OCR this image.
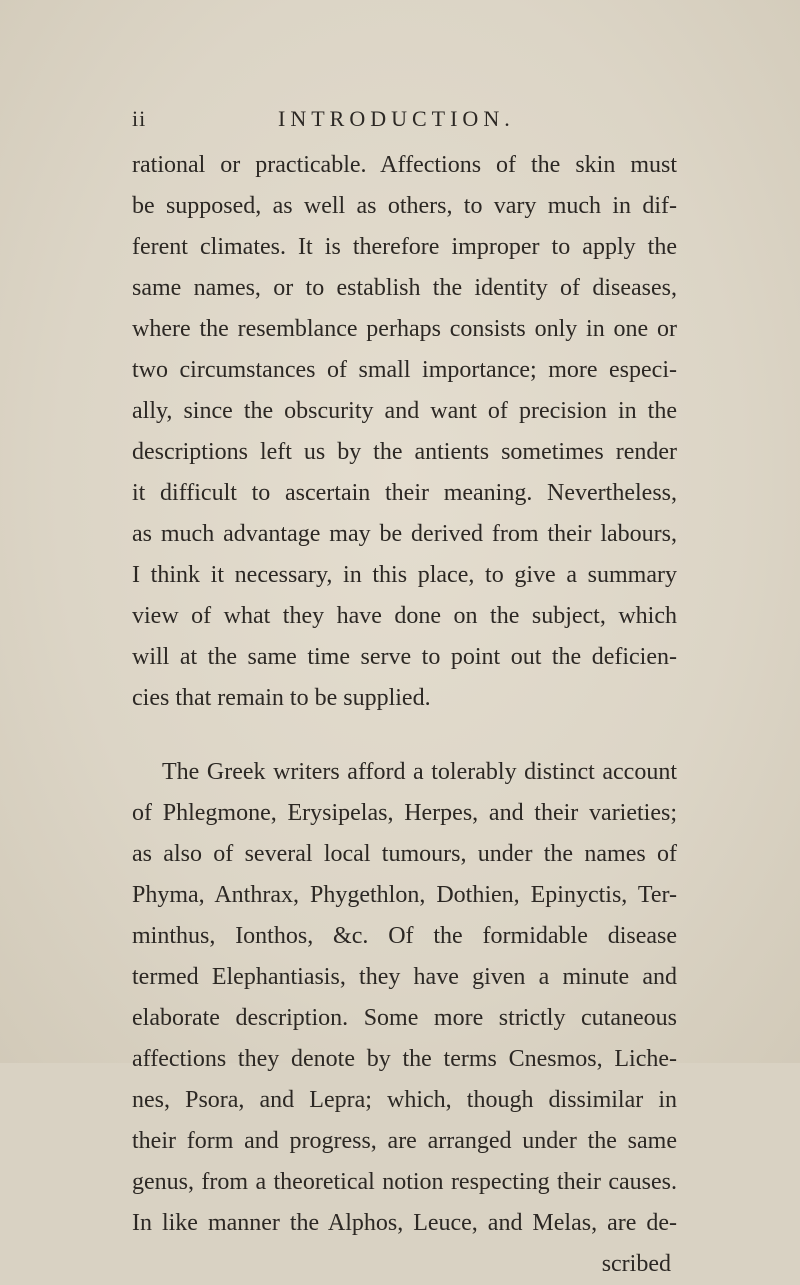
ii	INTRODUCTION.
rational or practicable. Affections of the skin must
be supposed, as well as others, to vary much in dif-
ferent climates. It is therefore improper to apply the
same names, or to establish the identity of diseases,
where the resemblance perhaps consists only in one or
two circumstances of small importance; more especi-
ally, since the obscurity and want of precision in the
descriptions left us by the antients sometimes render
it difficult to ascertain their meaning. Nevertheless,
as much advantage may be derived from their labours,
I think it necessary, in this place, to give a summary
view of what they have done on the subject, which
will at the same time serve to point out the deficien-
cies that remain to be supplied.
The Greek writers afford a tolerably distinct account
of Phlegmone, Erysipelas, Herpes, and their varieties;
as also of several local tumours, under the names of
Phyma, Anthrax, Phygethlon, Dothien, Epinyctis, Ter-
minthus, Ionthos, &c. Of the formidable disease
termed Elephantiasis, they have given a minute and
elaborate description. Some more strictly cutaneous
affections they denote by the terms Cnesmos, Liche-
nes, Psora, and Lepra; which, though dissimilar in
their form and progress, are arranged under the same
genus, from a theoretical notion respecting their causes.
In like manner the Alphos, Leuce, and Melas, are de-
scribed
